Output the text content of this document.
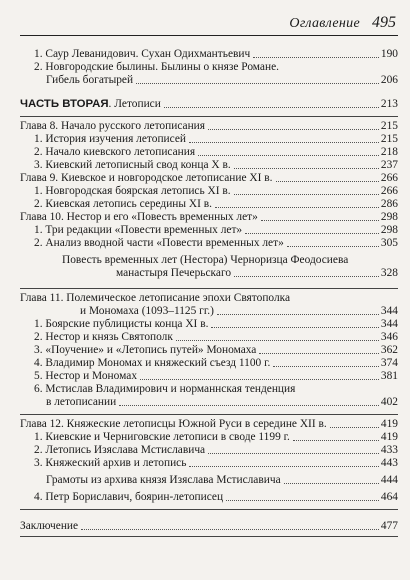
Оглавление 495
1. Саур Леванидович. Сухан Одихмантьевич	190
2. Новгородские былины. Былины о князе Романе.
Гибель богатырей	206
ЧАСТЬ ВТОРАЯ. Летописи	213
Глава 8. Начало русского летописания	215
1. История изучения летописей	215
2. Начало киевского летописания	218
3. Киевский летописный свод конца X в.	237
Глава 9. Киевское и новгородское летописание XI в.	266
1. Новгородская боярская летопись XI в.	266
2. Киевская летопись середины XI в.	286
Глава 10. Нестор и его «Повесть временных лет»	298
1. Три редакции «Повести временных лет»	298
2. Анализ вводной части «Повести временных лет»	305
Повесть временных лет (Нестора) Черноризца Феодосиева
манастыря Печерьскаго	328
Глава 11. Полемическое летописание эпохи Святополка
и Мономаха (1093–1125 гг.)	344
1. Боярские публицисты конца XI в.	344
2. Нестор и князь Святополк	346
3. «Поучение» и «Летопись путей» Мономаха	362
4. Владимир Мономах и княжеский съезд 1100 г.	374
5. Нестор и Мономах	381
6. Мстислав Владимирович и норманнская тенденция
в летописании	402
Глава 12. Княжеские летописцы Южной Руси в середине XII в.	419
1. Киевские и Черниговские летописи в своде 1199 г.	419
2. Летопись Изяслава Мстиславича	433
3. Княжеский архив и летопись	443
Грамоты из архива князя Изяслава Мстиславича	444
4. Петр Бориславич, боярин-летописец	464
Заключение	477
